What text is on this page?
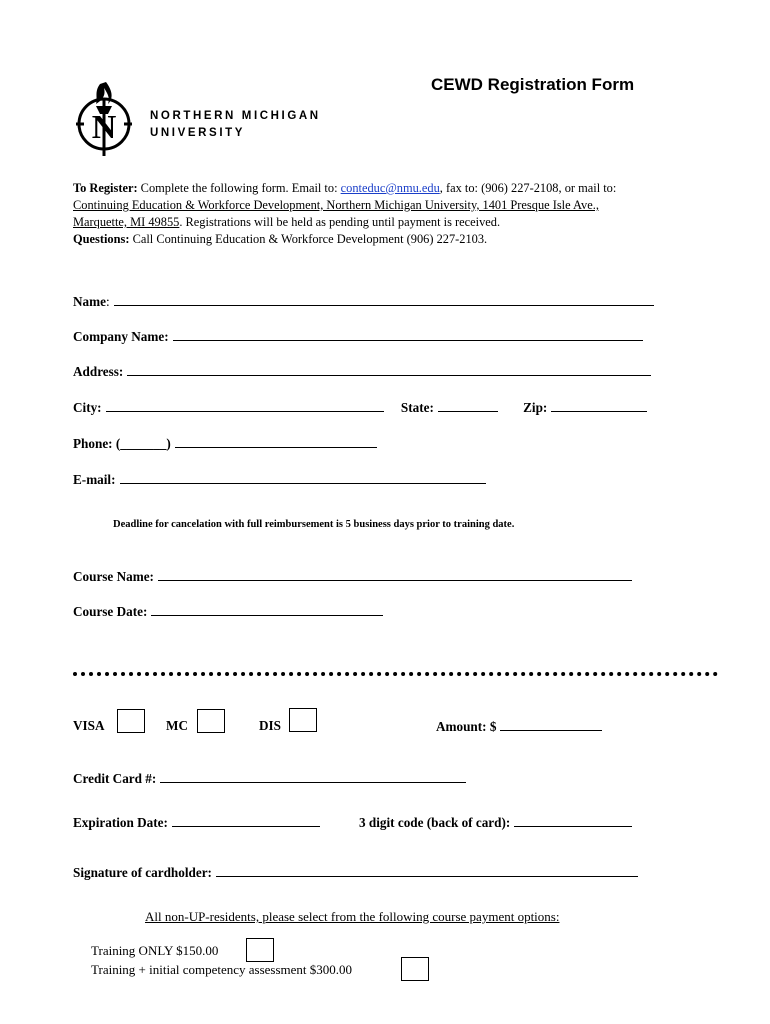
CEWD Registration Form
N	NORTHERN MICHIGAN
UNIVERSITY
To Register: Complete the following form. Email to: conteduc@nmu.edu, fax to: (906) 227-2108, or mail to:
Continuing Education & Workforce Development, Northern Michigan University, 1401 Presque Isle Ave.,
Marquette, MI 49855. Registrations will be held as pending until payment is received.
Questions: Call Continuing Education & Workforce Development (906) 227-2103.
Name:
Company Name:
Address:
City:	State:	Zip:
Phone: (_______)
E-mail:
Deadline for cancelation with full reimbursement is 5 business days prior to training date.
Course Name:
Course Date:
VISA	MC	DIS	Amount: $
Credit Card #:
Expiration Date:	3 digit code (back of card):
Signature of cardholder:
All non-UP-residents, please select from the following course payment options:
Training ONLY $150.00
Training + initial competency assessment $300.00
